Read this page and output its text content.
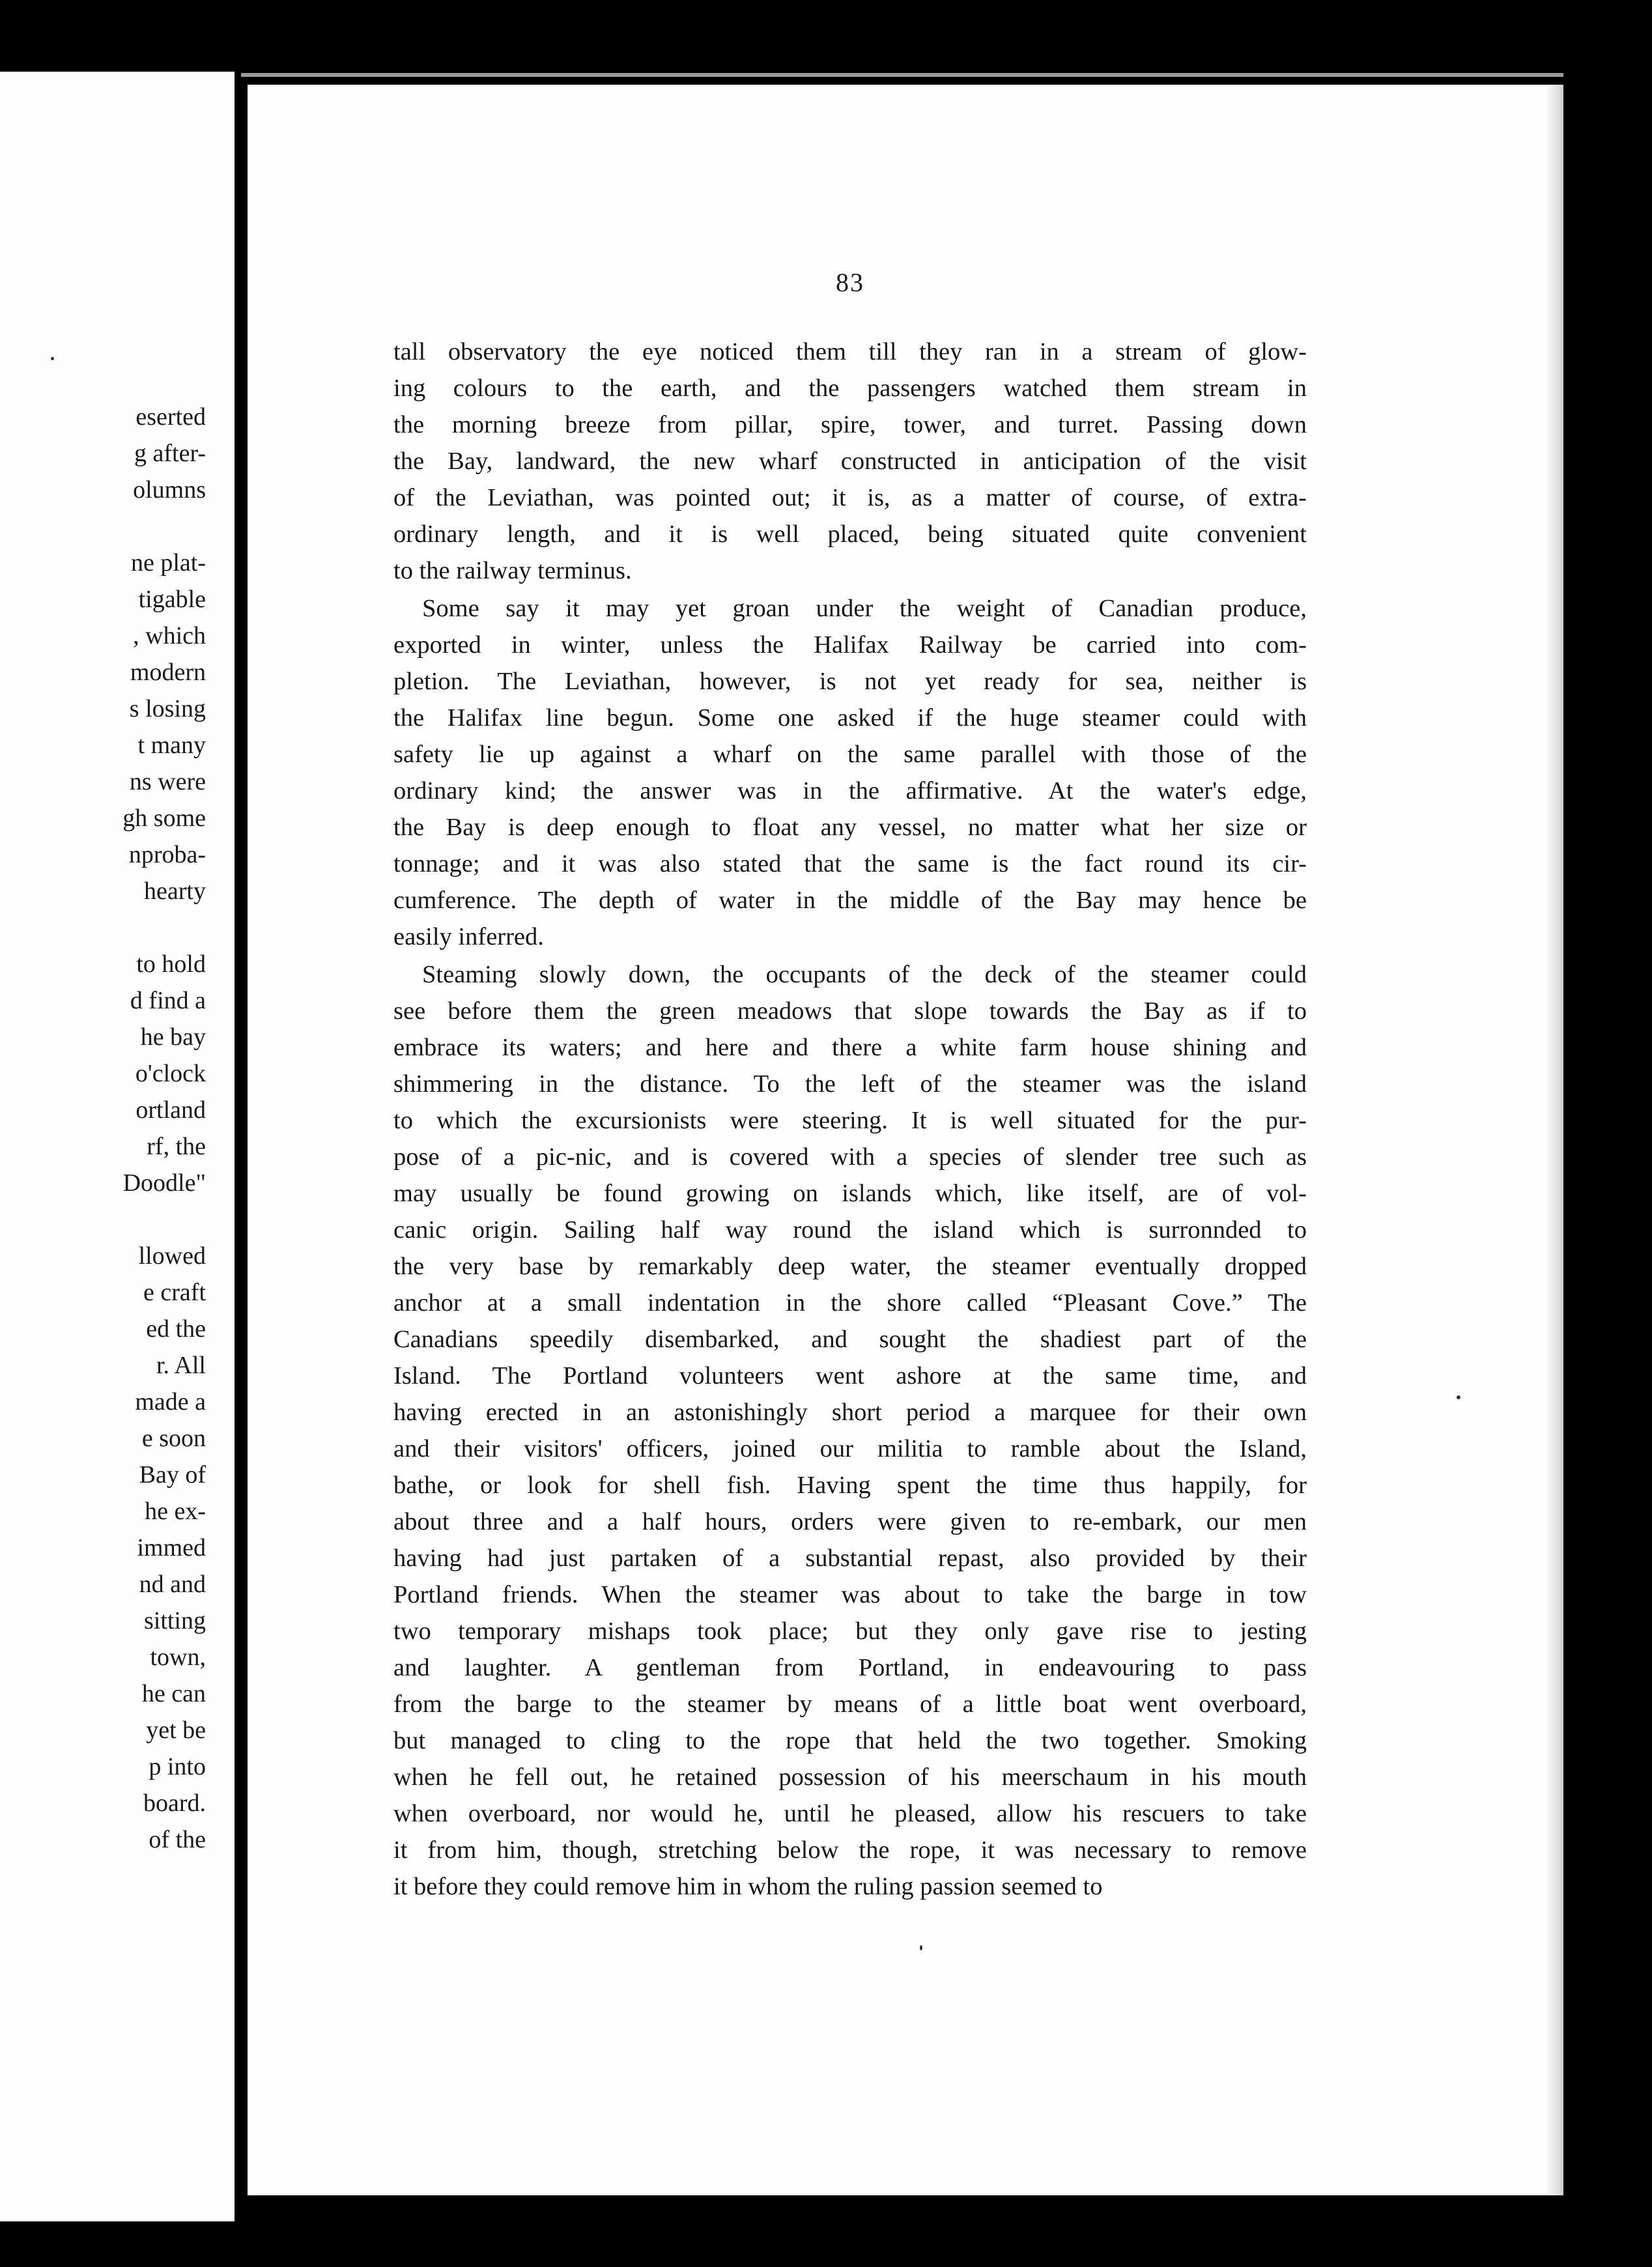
eserted
g after-
olumns
ne plat-
tigable
, which
modern
s losing
t many
ns were
gh some
nproba-
hearty
to hold
d find a
he bay
o'clock
ortland
rf, the
Doodle"
llowed
e craft
ed the
r. All
made a
e soon
Bay of
he ex-
immed
nd and
sitting
town,
he can
yet be
p into
board.
of the
83

tall observatory the eye noticed them till they ran in a stream of glow-
ing colours to the earth, and the passengers watched them stream in
the morning breeze from pillar, spire, tower, and turret. Passing down
the Bay, landward, the new wharf constructed in anticipation of the visit
of the Leviathan, was pointed out; it is, as a matter of course, of extra-
ordinary length, and it is well placed, being situated quite convenient
to the railway terminus.

Some say it may yet groan under the weight of Canadian produce,
exported in winter, unless the Halifax Railway be carried into com-
pletion. The Leviathan, however, is not yet ready for sea, neither is
the Halifax line begun. Some one asked if the huge steamer could with
safety lie up against a wharf on the same parallel with those of the
ordinary kind; the answer was in the affirmative. At the water's edge,
the Bay is deep enough to float any vessel, no matter what her size or
tonnage; and it was also stated that the same is the fact round its cir-
cumference. The depth of water in the middle of the Bay may hence be
easily inferred.

Steaming slowly down, the occupants of the deck of the steamer could
see before them the green meadows that slope towards the Bay as if to
embrace its waters; and here and there a white farm house shining and
shimmering in the distance. To the left of the steamer was the island
to which the excursionists were steering. It is well situated for the pur-
pose of a pic-nic, and is covered with a species of slender tree such as
may usually be found growing on islands which, like itself, are of vol-
canic origin. Sailing half way round the island which is surronnded to
the very base by remarkably deep water, the steamer eventually dropped
anchor at a small indentation in the shore called “Pleasant Cove.” The
Canadians speedily disembarked, and sought the shadiest part of the
Island. The Portland volunteers went ashore at the same time, and
having erected in an astonishingly short period a marquee for their own
and their visitors' officers, joined our militia to ramble about the Island,
bathe, or look for shell fish. Having spent the time thus happily, for
about three and a half hours, orders were given to re-embark, our men
having had just partaken of a substantial repast, also provided by their
Portland friends. When the steamer was about to take the barge in tow
two temporary mishaps took place; but they only gave rise to jesting
and laughter. A gentleman from Portland, in endeavouring to pass
from the barge to the steamer by means of a little boat went overboard,
but managed to cling to the rope that held the two together. Smoking
when he fell out, he retained possession of his meerschaum in his mouth
when overboard, nor would he, until he pleased, allow his rescuers to take
it from him, though, stretching below the rope, it was necessary to remove
it before they could remove him in whom the ruling passion seemed to
